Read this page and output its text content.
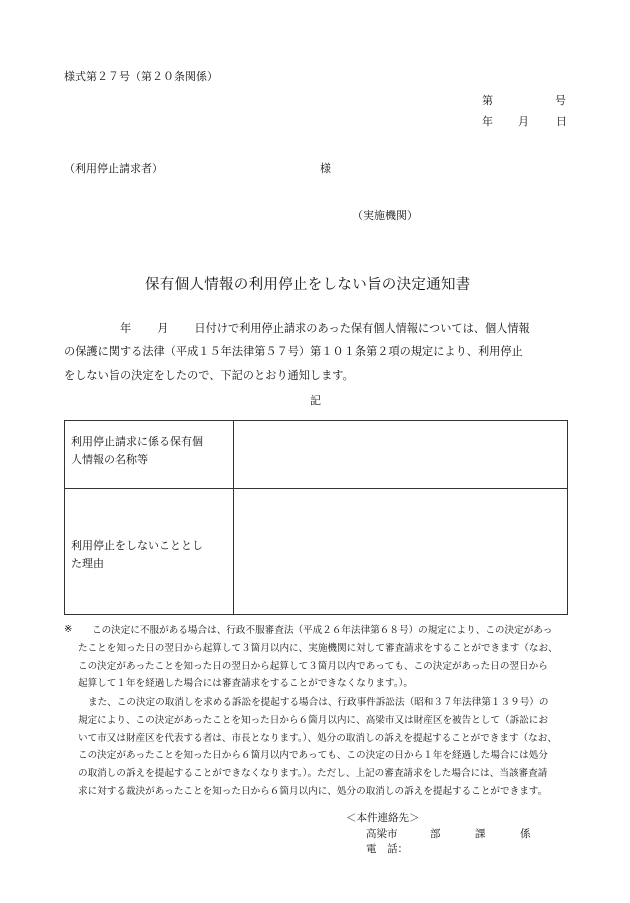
様式第２７号（第２０条関係）
第	号
年 月 日
（利用停止請求者）	様
（実施機関）
保有個人情報の利用停止をしない旨の決定通知書
年 月 日付けで利用停止請求のあった保有個人情報については、個人情報
の保護に関する法律（平成１５年法律第５７号）第１０１条第２項の規定により、利用停止
をしない旨の決定をしたので、下記のとおり通知します。
記
利用停止請求に係る保有個
人情報の名称等	

利用停止をしないこととし
た理由	

※	この決定に不服がある場合は、行政不服審査法（平成２６年法律第６８号）の規定により、この決定があっ
たことを知った日の翌日から起算して３箇月以内に、実施機関に対して審査請求をすることができます（なお、
この決定があったことを知った日の翌日から起算して３箇月以内であっても、この決定があった日の翌日から
起算して１年を経過した場合には審査請求をすることができなくなります。）。
また、この決定の取消しを求める訴訟を提起する場合は、行政事件訴訟法（昭和３７年法律第１３９号）の
規定により、この決定があったことを知った日から６箇月以内に、高梁市又は財産区を被告として（訴訟にお
いて市又は財産区を代表する者は、市長となります。）、処分の取消しの訴えを提起することができます（なお、
この決定があったことを知った日から６箇月以内であっても、この決定の日から１年を経過した場合には処分
の取消しの訴えを提起することができなくなります。）。ただし、上記の審査請求をした場合には、当該審査請
求に対する裁決があったことを知った日から６箇月以内に、処分の取消しの訴えを提起することができます。
＜本件連絡先＞
高梁市	部	課	係
電　話：
